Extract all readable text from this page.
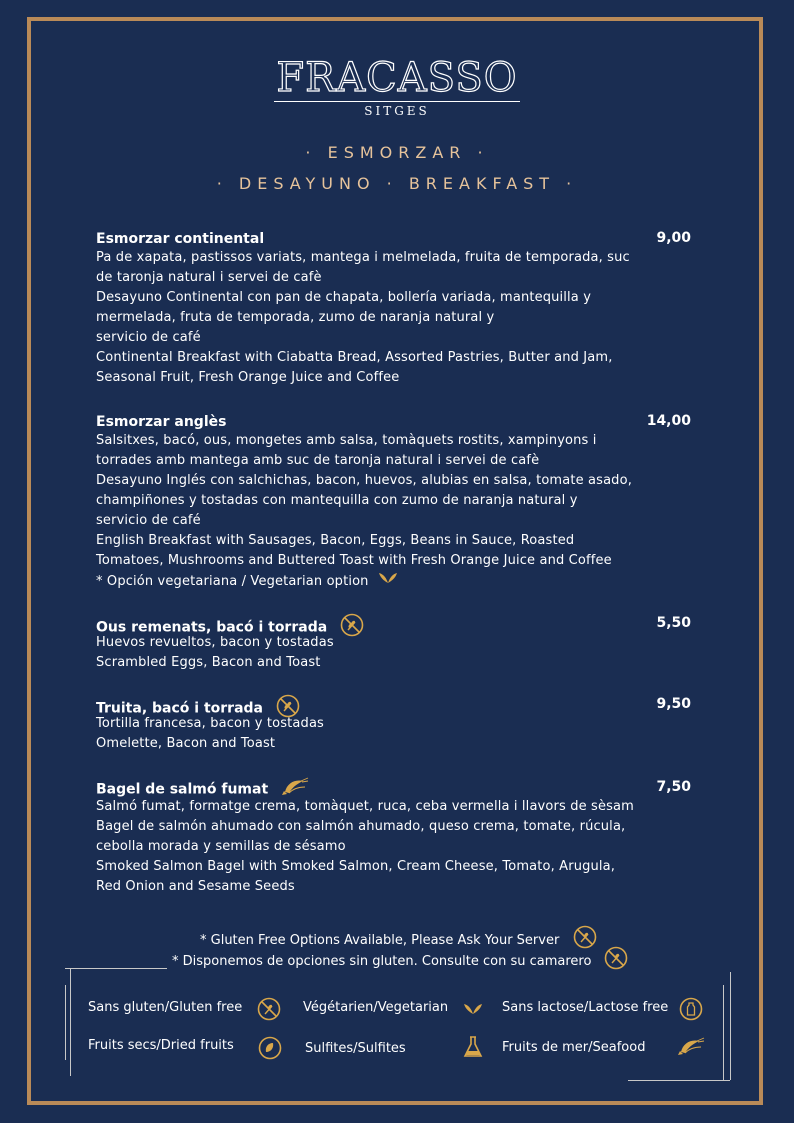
FRACASSO
SITGES
· ESMORZAR ·
· DESAYUNO · BREAKFAST ·
Esmorzar continental	9,00
Pa de xapata, pastissos variats, mantega i melmelada, fruita de temporada, suc
de taronja natural i servei de cafè
Desayuno Continental con pan de chapata, bollería variada, mantequilla y
mermelada, fruta de temporada, zumo de naranja natural y
servicio de café
Continental Breakfast with Ciabatta Bread, Assorted Pastries, Butter and Jam,
Seasonal Fruit, Fresh Orange Juice and Coffee
Esmorzar anglès	14,00
Salsitxes, bacó, ous, mongetes amb salsa, tomàquets rostits, xampinyons i
torrades amb mantega amb suc de taronja natural i servei de cafè
Desayuno Inglés con salchichas, bacon, huevos, alubias en salsa, tomate asado,
champiñones y tostadas con mantequilla con zumo de naranja natural y
servicio de café
English Breakfast with Sausages, Bacon, Eggs, Beans in Sauce, Roasted
Tomatoes, Mushrooms and Buttered Toast with Fresh Orange Juice and Coffee
* Opción vegetariana / Vegetarian option
Ous remenats, bacó i torrada	5,50
Huevos revueltos, bacon y tostadas
Scrambled Eggs, Bacon and Toast
Truita, bacó i torrada	9,50
Tortilla francesa, bacon y tostadas
Omelette, Bacon and Toast
Bagel de salmó fumat	7,50
Salmó fumat, formatge crema, tomàquet, ruca, ceba vermella i llavors de sèsam
Bagel de salmón ahumado con salmón ahumado, queso crema, tomate, rúcula,
cebolla morada y semillas de sésamo
Smoked Salmon Bagel with Smoked Salmon, Cream Cheese, Tomato, Arugula,
Red Onion and Sesame Seeds
* Gluten Free Options Available, Please Ask Your Server
* Disponemos de opciones sin gluten. Consulte con su camarero
Sans gluten/Gluten free	Végétarien/Vegetarian	Sans lactose/Lactose free
Fruits secs/Dried fruits	Sulfites/Sulfites	Fruits de mer/Seafood
